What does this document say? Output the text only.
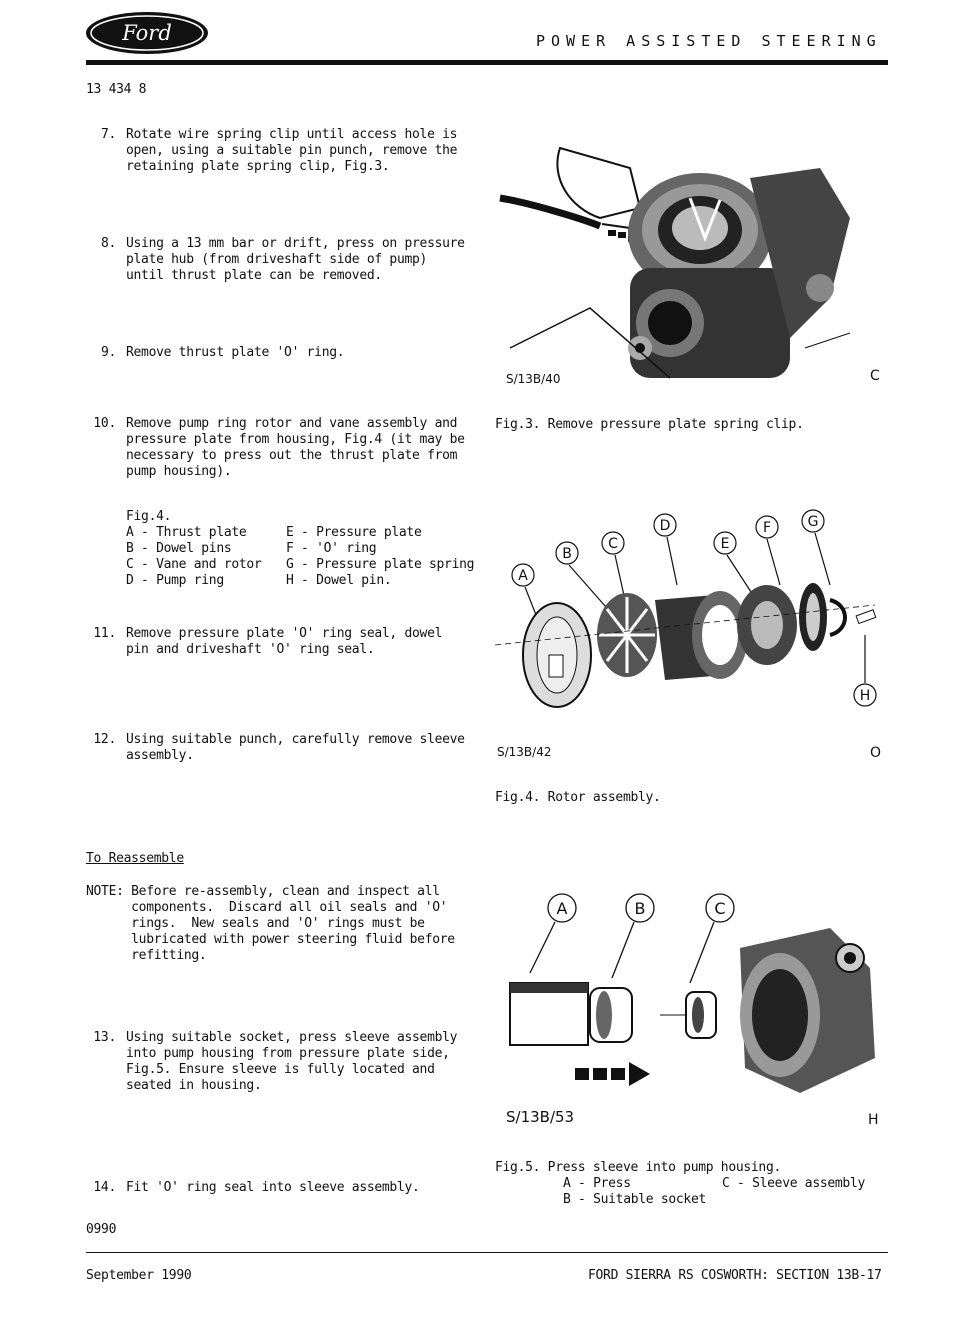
Ford	POWER ASSISTED STEERING
13 434 8
7. Rotate wire spring clip until access hole is
open, using a suitable pin punch, remove the
retaining plate spring clip, Fig.3.
8. Using a 13 mm bar or drift, press on pressure
plate hub (from driveshaft side of pump)
until thrust plate can be removed.
9. Remove thrust plate 'O' ring.
10. Remove pump ring rotor and vane assembly and
pressure plate from housing, Fig.4 (it may be
necessary to press out the thrust plate from
pump housing).
Fig.4.
A - Thrust plate	E - Pressure plate
B - Dowel pins	F - 'O' ring
C - Vane and rotor	G - Pressure plate spring
D - Pump ring	H - Dowel pin.
11. Remove pressure plate 'O' ring seal, dowel
pin and driveshaft 'O' ring seal.
12. Using suitable punch, carefully remove sleeve
assembly.
To Reassemble
NOTE: Before re-assembly, clean and inspect all
components.  Discard all oil seals and 'O'
rings.  New seals and 'O' rings must be
lubricated with power steering fluid before
refitting.
13. Using suitable socket, press sleeve assembly
into pump housing from pressure plate side,
Fig.5. Ensure sleeve is fully located and
seated in housing.
14. Fit 'O' ring seal into sleeve assembly.
0990
S/13B/40	C
Fig.3. Remove pressure plate spring clip.
A
B
C
D
E
F	G
H
S/13B/42	O
Fig.4. Rotor assembly.
A	B	C
S/13B/53	H
Fig.5. Press sleeve into pump housing.
A - Press	C - Sleeve assembly
B - Suitable socket
September 1990	FORD SIERRA RS COSWORTH: SECTION 13B-17
